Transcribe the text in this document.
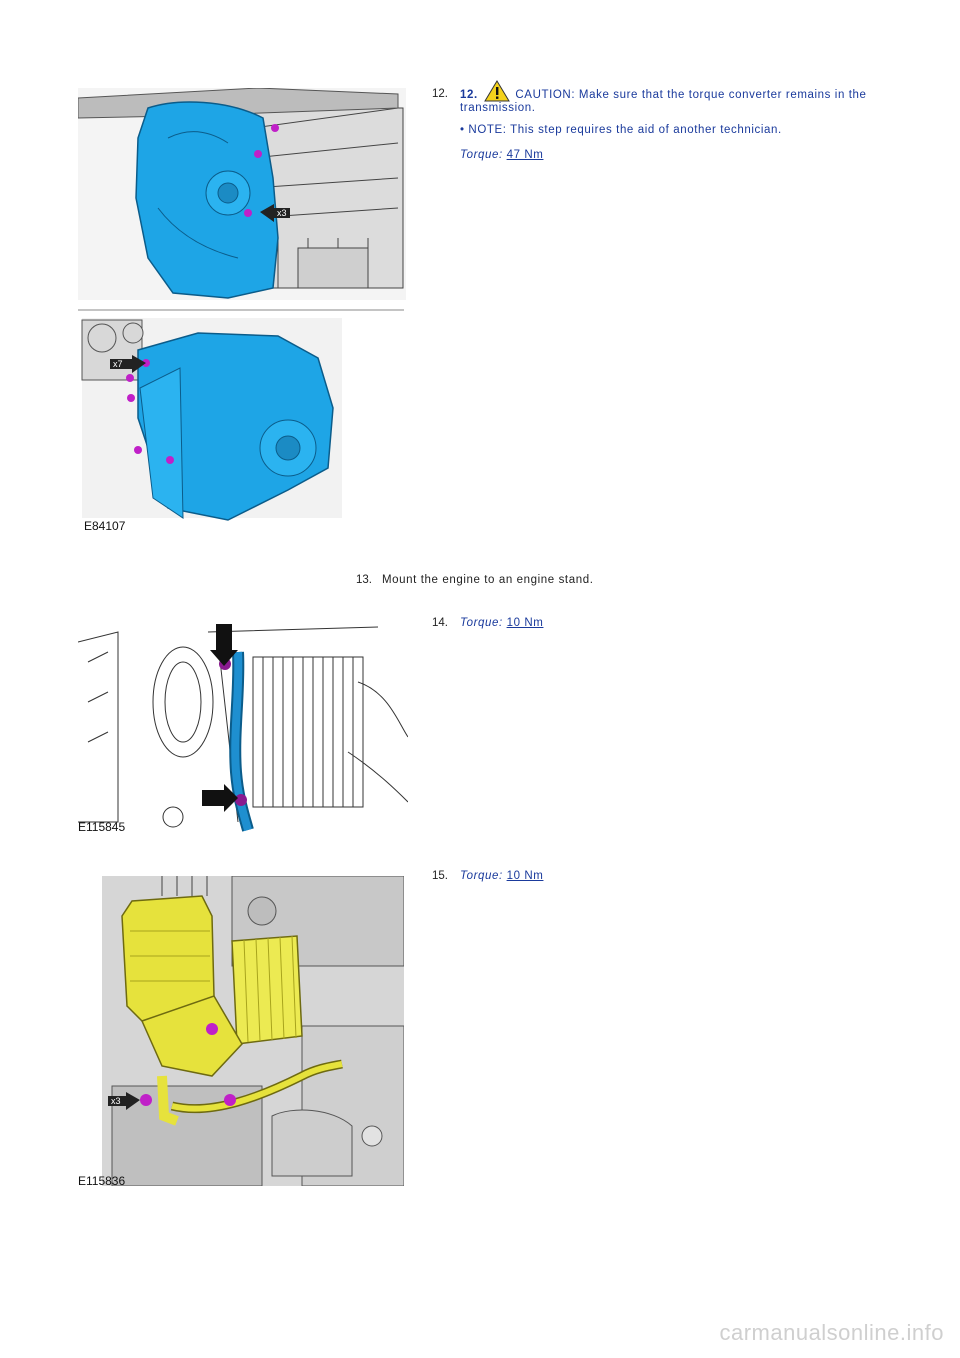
12. 12.	CAUTION: Make sure that the torque converter remains in the transmission.
• NOTE: This step requires the aid of another technician.
Torque: 47 Nm
x3
x7
E84107
13. Mount the engine to an engine stand.
14. Torque: 10 Nm
E115845
15. Torque: 10 Nm
x3
E115836
carmanualsonline.info
